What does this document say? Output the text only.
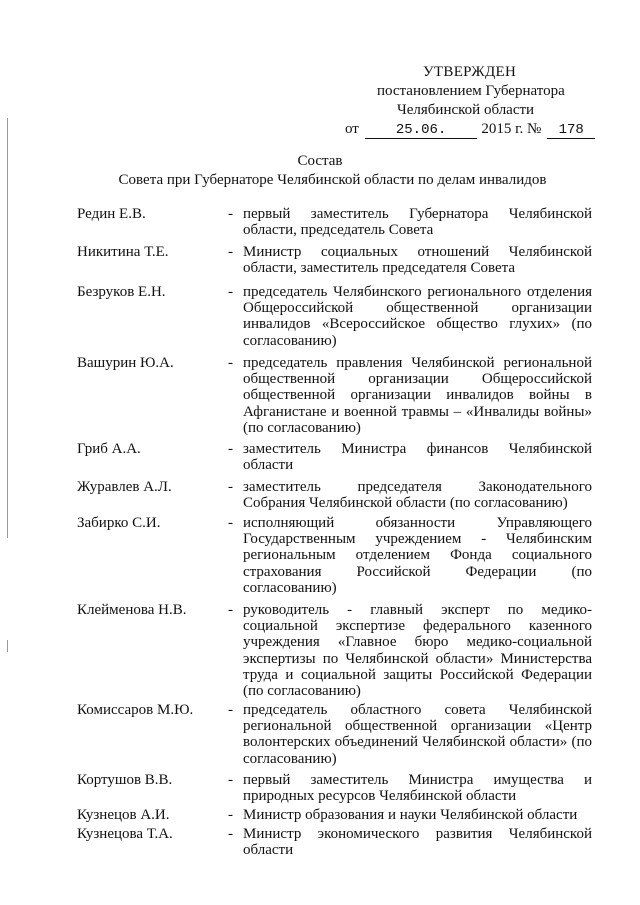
УТВЕРЖДЕН
постановлением Губернатора
Челябинской области
от	25.06.	2015 г. №	178
Состав
Совета при Губернаторе Челябинской области по делам инвалидов
Редин Е.В.	- первый заместитель Губернатора Челябинской области, председатель Совета
Никитина Т.Е.	- Министр социальных отношений Челябинской области, заместитель председателя Совета
Безруков Е.Н.	- председатель Челябинского регионального отделения Общероссийской общественной организации инвалидов «Всероссийское общество глухих» (по согласованию)
Вашурин Ю.А.	- председатель правления Челябинской региональной общественной организации Общероссийской общественной организации инвалидов войны в Афганистане и военной травмы – «Инвалиды войны» (по согласованию)
Гриб А.А.	- заместитель Министра финансов Челябинской области
Журавлев А.Л.	- заместитель председателя Законодательного Собрания Челябинской области (по согласованию)
Забирко С.И.	- исполняющий обязанности Управляющего Государственным учреждением - Челябинским региональным отделением Фонда социального страхования Российской Федерации (по согласованию)
Клейменова Н.В.	- руководитель - главный эксперт по медико-социальной экспертизе федерального казенного учреждения «Главное бюро медико-социальной экспертизы по Челябинской области» Министерства труда и социальной защиты Российской Федерации (по согласованию)
Комиссаров М.Ю.	- председатель областного совета Челябинской региональной общественной организации «Центр волонтерских объединений Челябинской области» (по согласованию)
Кортушов В.В.	- первый заместитель Министра имущества и природных ресурсов Челябинской области
Кузнецов А.И.	- Министр образования и науки Челябинской области
Кузнецова Т.А.	- Министр экономического развития Челябинской области
